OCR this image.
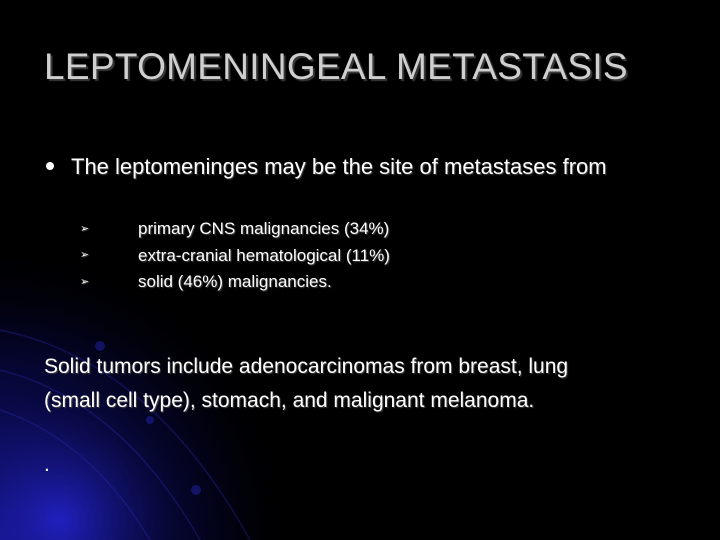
LEPTOMENINGEAL METASTASIS
The leptomeninges may be the site of metastases from
➢	primary CNS malignancies (34%)
➢	extra-cranial hematological (11%)
➢	solid (46%) malignancies.
Solid tumors include adenocarcinomas from breast, lung
(small cell type), stomach, and malignant melanoma.
.
